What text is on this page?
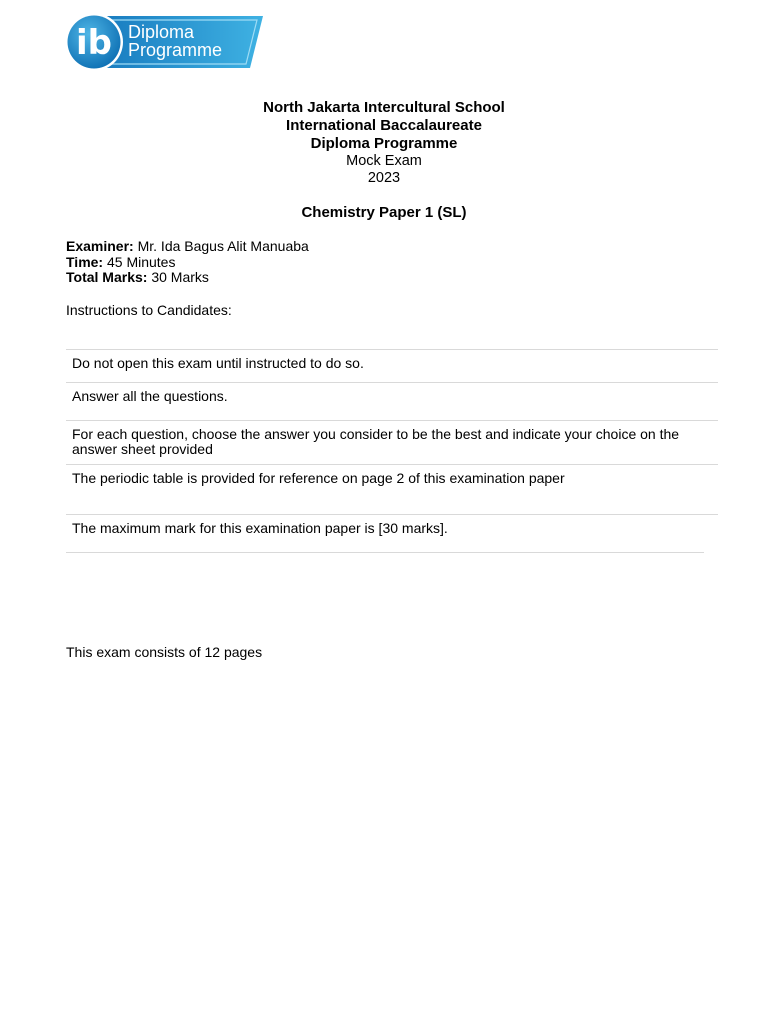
ib Diploma
Programme
North Jakarta Intercultural School
International Baccalaureate
Diploma Programme
Mock Exam
2023
Chemistry Paper 1 (SL)
Examiner: Mr. Ida Bagus Alit Manuaba
Time: 45 Minutes
Total Marks: 30 Marks
Instructions to Candidates:
Do not open this exam until instructed to do so.
Answer all the questions.
For each question, choose the answer you consider to be the best and indicate your choice on the answer sheet provided
The periodic table is provided for reference on page 2 of this examination paper
The maximum mark for this examination paper is [30 marks].
This exam consists of 12 pages
